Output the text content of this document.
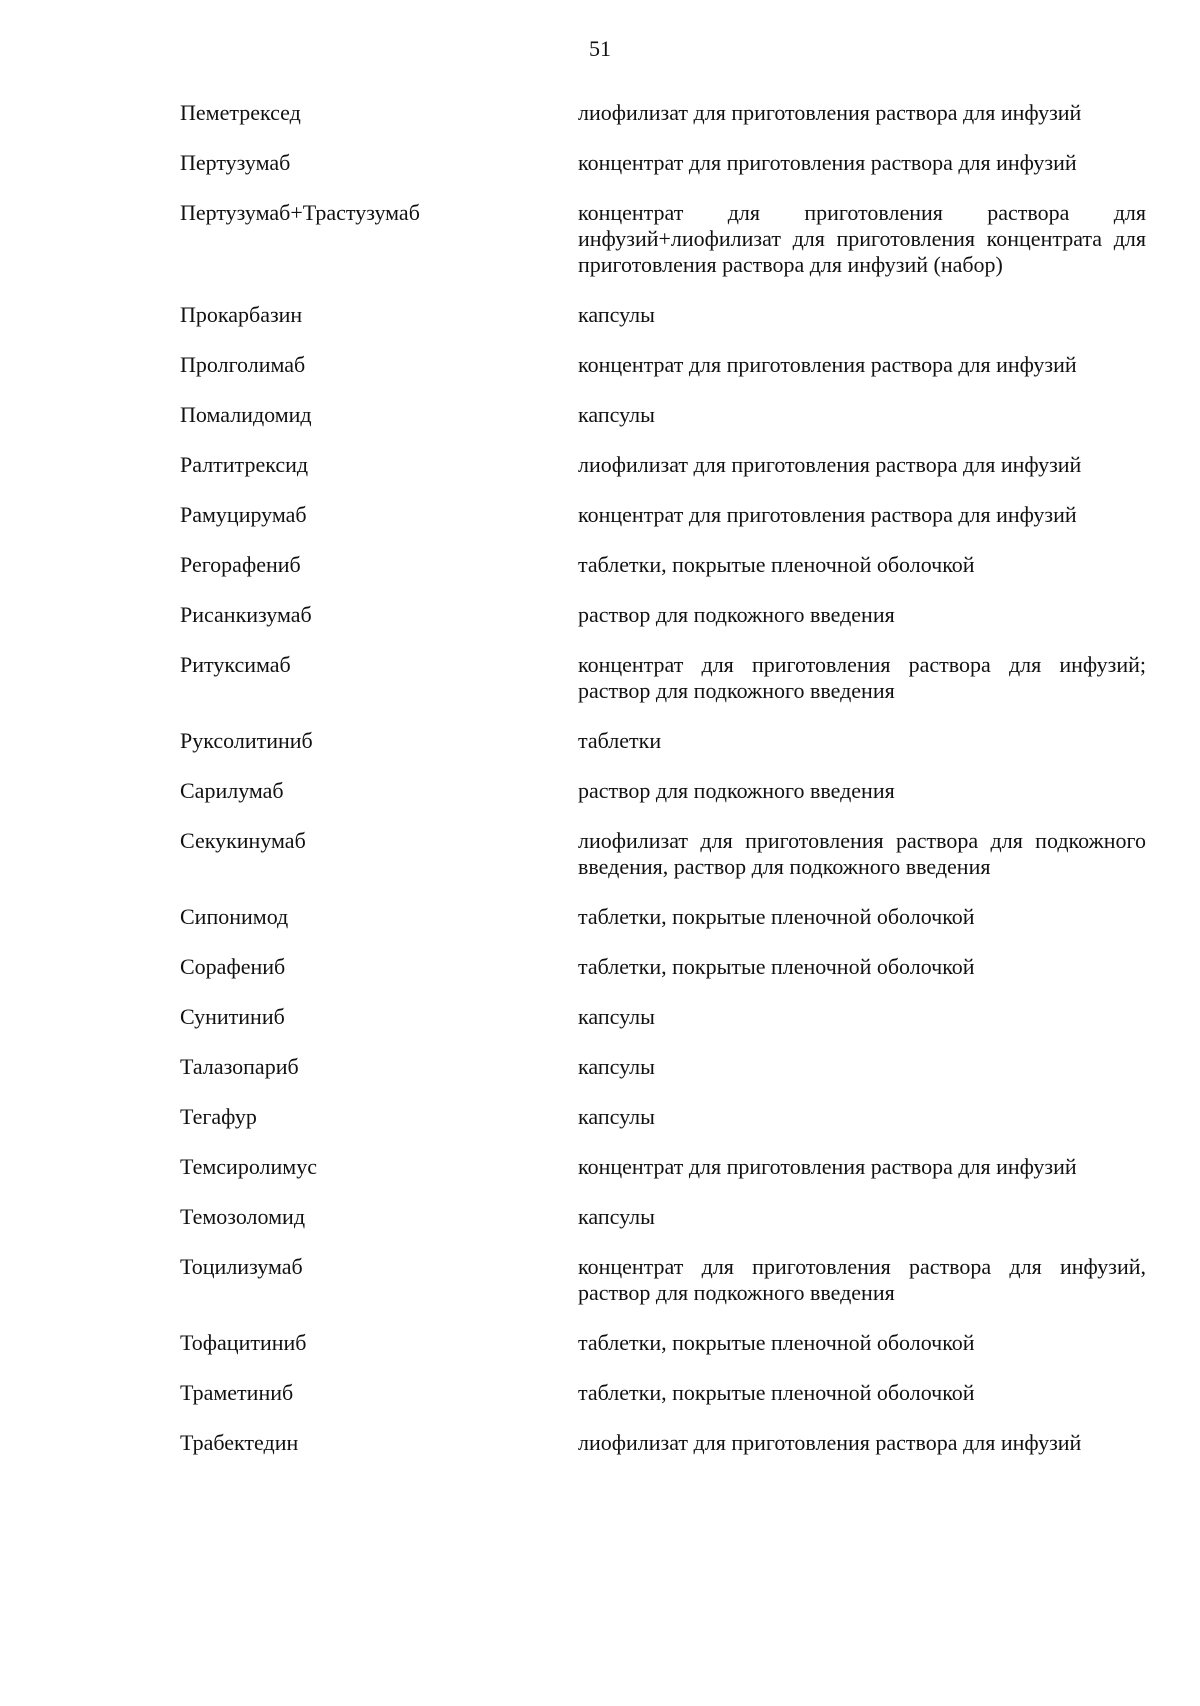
51
Пеметрексед	лиофилизат для приготовления раствора для инфузий
Пертузумаб	концентрат для приготовления раствора для инфузий
Пертузумаб+Трастузумаб	концентрат для приготовления раствора для инфузий+лиофилизат для приготовления концентрата для приготовления раствора для инфузий (набор)
Прокарбазин	капсулы
Пролголимаб	концентрат для приготовления раствора для инфузий
Помалидомид	капсулы
Ралтитрексид	лиофилизат для приготовления раствора для инфузий
Рамуцирумаб	концентрат для приготовления раствора для инфузий
Регорафениб	таблетки, покрытые пленочной оболочкой
Рисанкизумаб	раствор для подкожного введения
Ритуксимаб	концентрат для приготовления раствора для инфузий; раствор для подкожного введения
Руксолитиниб	таблетки
Сарилумаб	раствор для подкожного введения
Секукинумаб	лиофилизат для приготовления раствора для подкожного введения, раствор для подкожного введения
Сипонимод	таблетки, покрытые пленочной оболочкой
Сорафениб	таблетки, покрытые пленочной оболочкой
Сунитиниб	капсулы
Талазопариб	капсулы
Тегафур	капсулы
Темсиролимус	концентрат для приготовления раствора для инфузий
Темозоломид	капсулы
Тоцилизумаб	концентрат для приготовления раствора для инфузий, раствор для подкожного введения
Тофацитиниб	таблетки, покрытые пленочной оболочкой
Траметиниб	таблетки, покрытые пленочной оболочкой
Трабектедин	лиофилизат для приготовления раствора для инфузий
